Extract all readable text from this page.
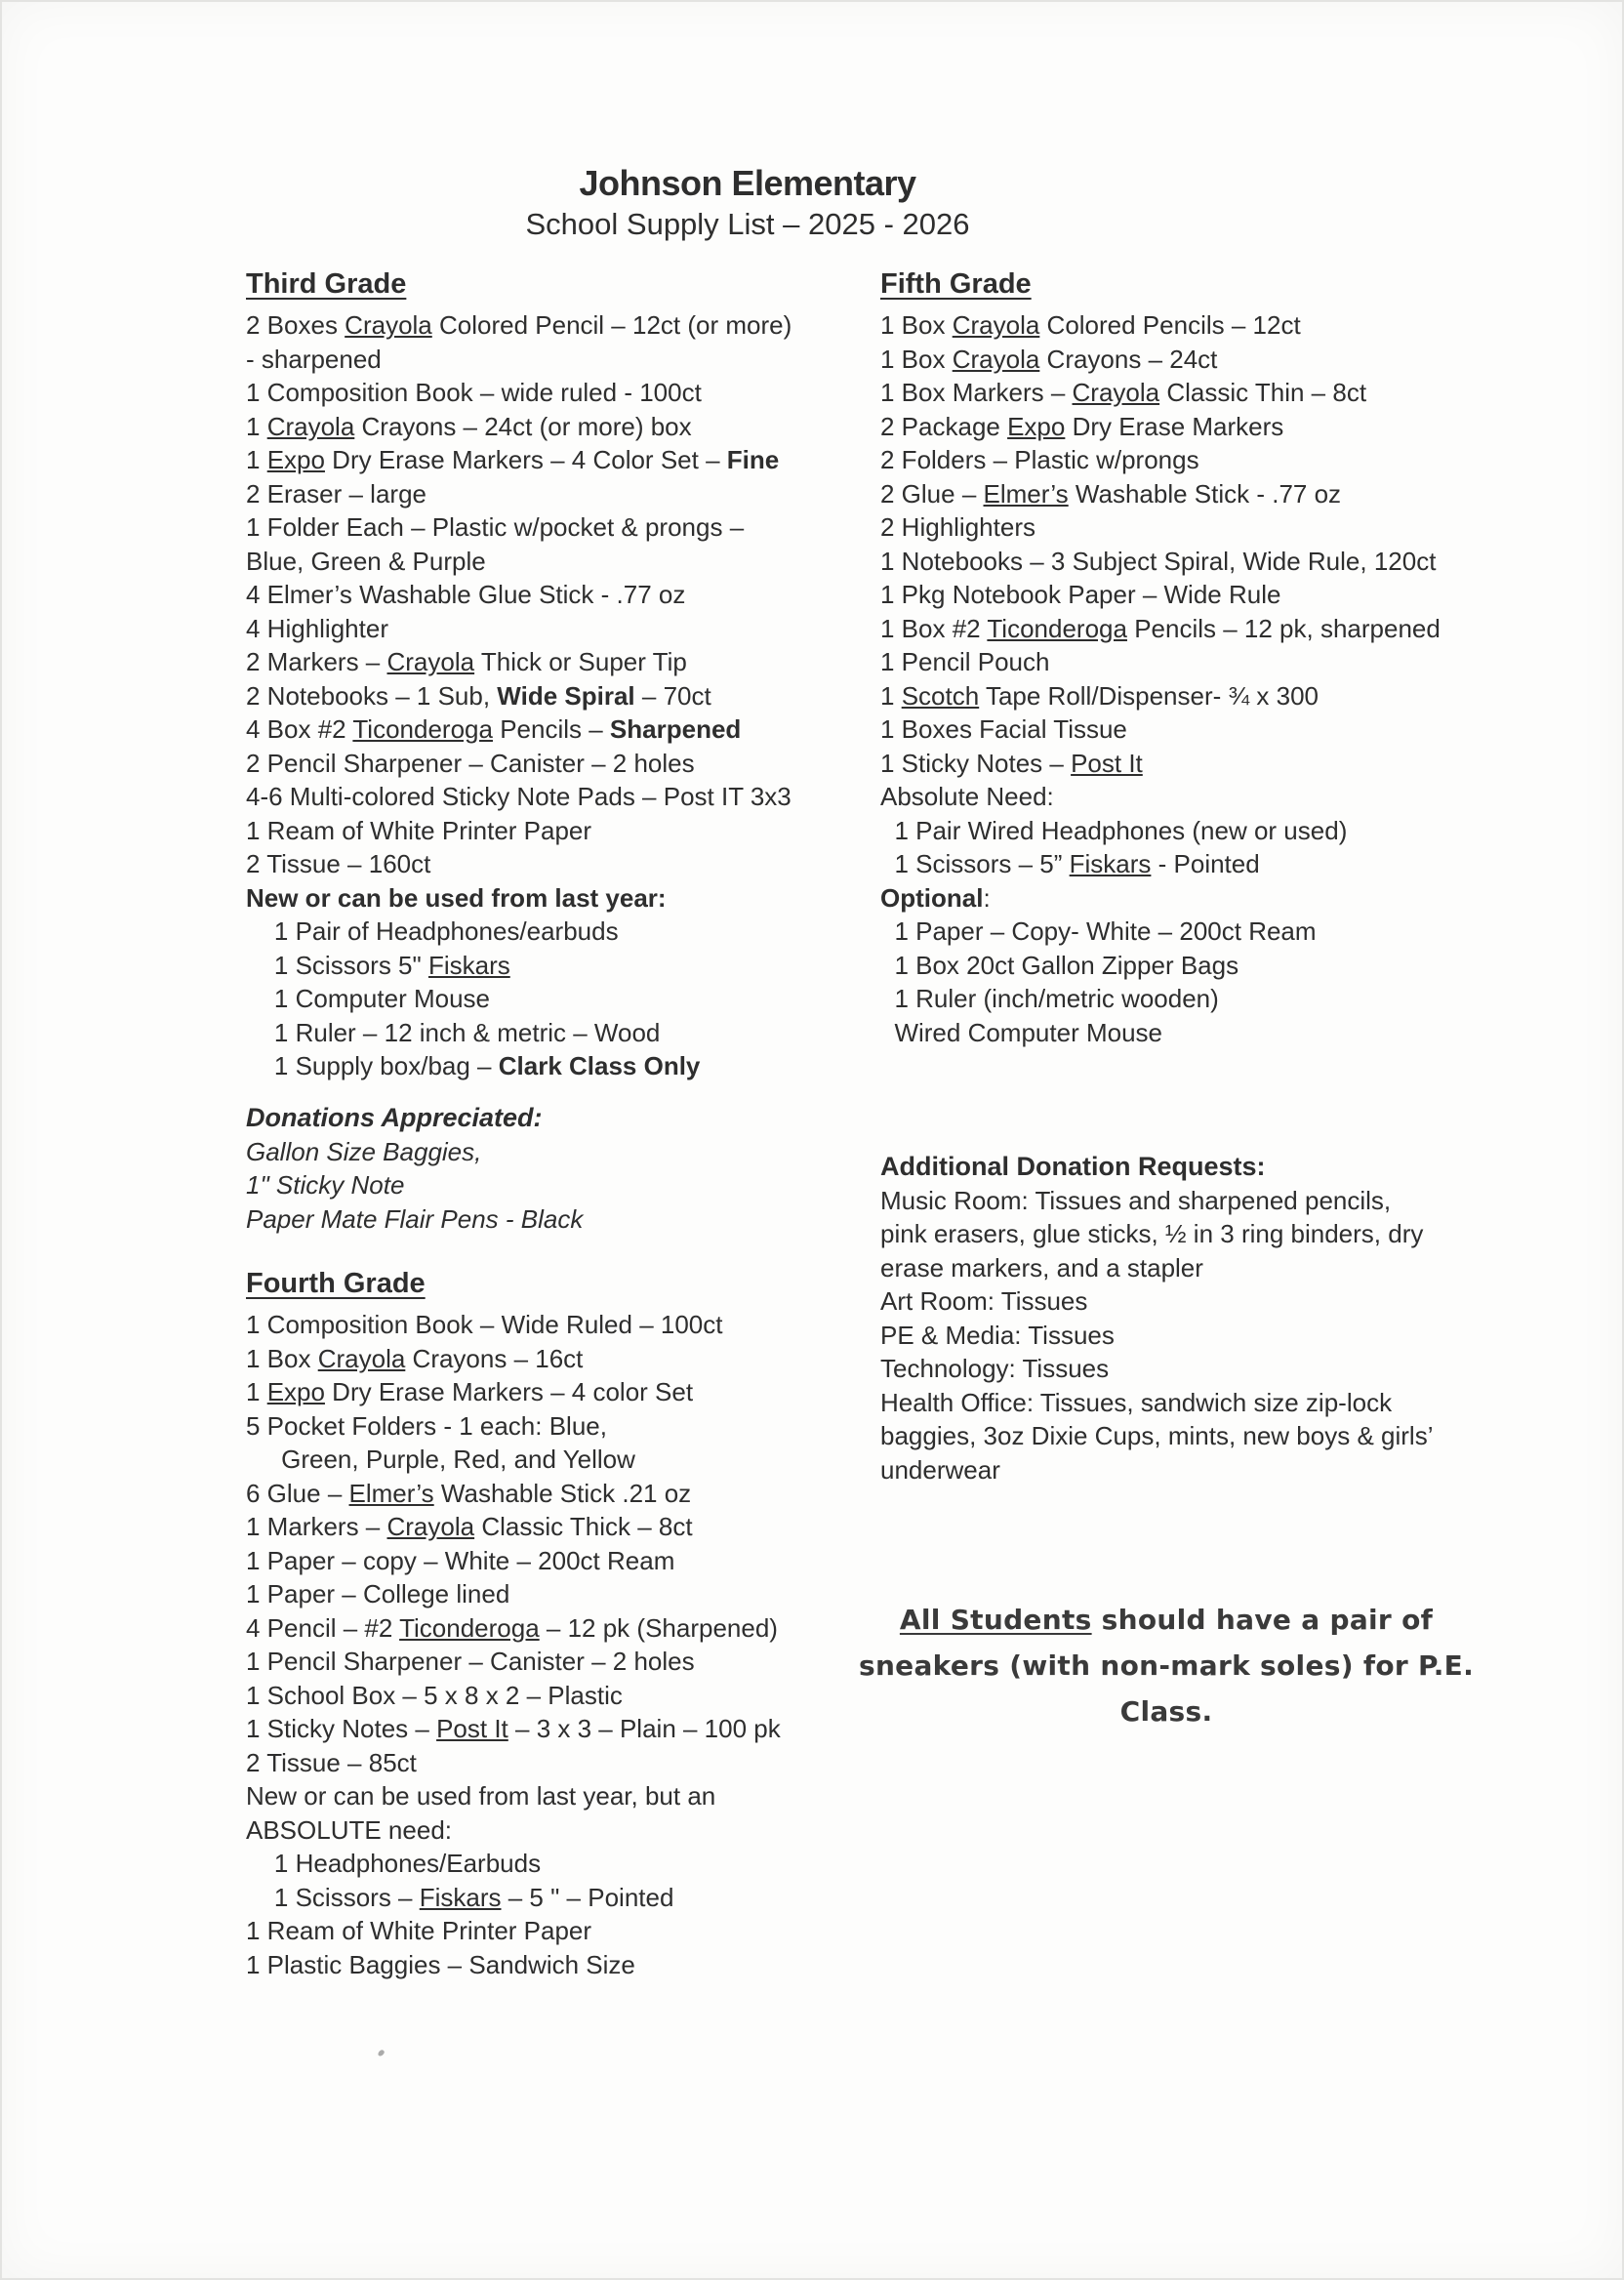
Johnson Elementary
School Supply List – 2025 - 2026
Third Grade
2 Boxes Crayola Colored Pencil – 12ct (or more)
- sharpened
1 Composition Book – wide ruled - 100ct
1 Crayola Crayons – 24ct (or more) box
1 Expo Dry Erase Markers – 4 Color Set – Fine
2 Eraser – large
1 Folder Each – Plastic w/pocket & prongs –
Blue, Green & Purple
4 Elmer’s Washable Glue Stick - .77 oz
4 Highlighter
2 Markers – Crayola Thick or Super Tip
2 Notebooks – 1 Sub, Wide Spiral – 70ct
4 Box #2 Ticonderoga Pencils – Sharpened
2 Pencil Sharpener – Canister – 2 holes
4-6 Multi-colored Sticky Note Pads – Post IT 3x3
1 Ream of White Printer Paper
2 Tissue – 160ct
New or can be used from last year:
1 Pair of Headphones/earbuds
1 Scissors 5" Fiskars
1 Computer Mouse
1 Ruler – 12 inch & metric – Wood
1 Supply box/bag – Clark Class Only
Donations Appreciated:
Gallon Size Baggies,
1" Sticky Note
Paper Mate Flair Pens - Black
Fourth Grade
1 Composition Book – Wide Ruled – 100ct
1 Box Crayola Crayons – 16ct
1 Expo Dry Erase Markers – 4 color Set
5 Pocket Folders - 1 each: Blue,
Green, Purple, Red, and Yellow
6 Glue – Elmer’s Washable Stick .21 oz
1 Markers – Crayola Classic Thick – 8ct
1 Paper – copy – White – 200ct Ream
1 Paper – College lined
4 Pencil – #2 Ticonderoga – 12 pk (Sharpened)
1 Pencil Sharpener – Canister – 2 holes
1 School Box – 5 x 8 x 2 – Plastic
1 Sticky Notes – Post It – 3 x 3 – Plain – 100 pk
2 Tissue – 85ct
New or can be used from last year, but an
ABSOLUTE need:
1 Headphones/Earbuds
1 Scissors – Fiskars – 5 " – Pointed
1 Ream of White Printer Paper
1 Plastic Baggies – Sandwich Size
Fifth Grade
1 Box Crayola Colored Pencils – 12ct
1 Box Crayola Crayons – 24ct
1 Box Markers – Crayola Classic Thin – 8ct
2 Package Expo Dry Erase Markers
2 Folders – Plastic w/prongs
2 Glue – Elmer’s Washable Stick - .77 oz
2 Highlighters
1 Notebooks – 3 Subject Spiral, Wide Rule, 120ct
1 Pkg Notebook Paper – Wide Rule
1 Box #2 Ticonderoga Pencils – 12 pk, sharpened
1 Pencil Pouch
1 Scotch Tape Roll/Dispenser- ¾ x 300
1 Boxes Facial Tissue
1 Sticky Notes – Post It
Absolute Need:
1 Pair Wired Headphones (new or used)
1 Scissors – 5” Fiskars - Pointed
Optional:
1 Paper – Copy- White – 200ct Ream
1 Box 20ct Gallon Zipper Bags
1 Ruler (inch/metric wooden)
Wired Computer Mouse
Additional Donation Requests:
Music Room: Tissues and sharpened pencils,
pink erasers, glue sticks, ½ in 3 ring binders, dry
erase markers, and a stapler
Art Room: Tissues
PE & Media: Tissues
Technology: Tissues
Health Office: Tissues, sandwich size zip-lock
baggies, 3oz Dixie Cups, mints, new boys & girls’
underwear
All Students should have a pair of
sneakers (with non-mark soles) for P.E.
Class.
